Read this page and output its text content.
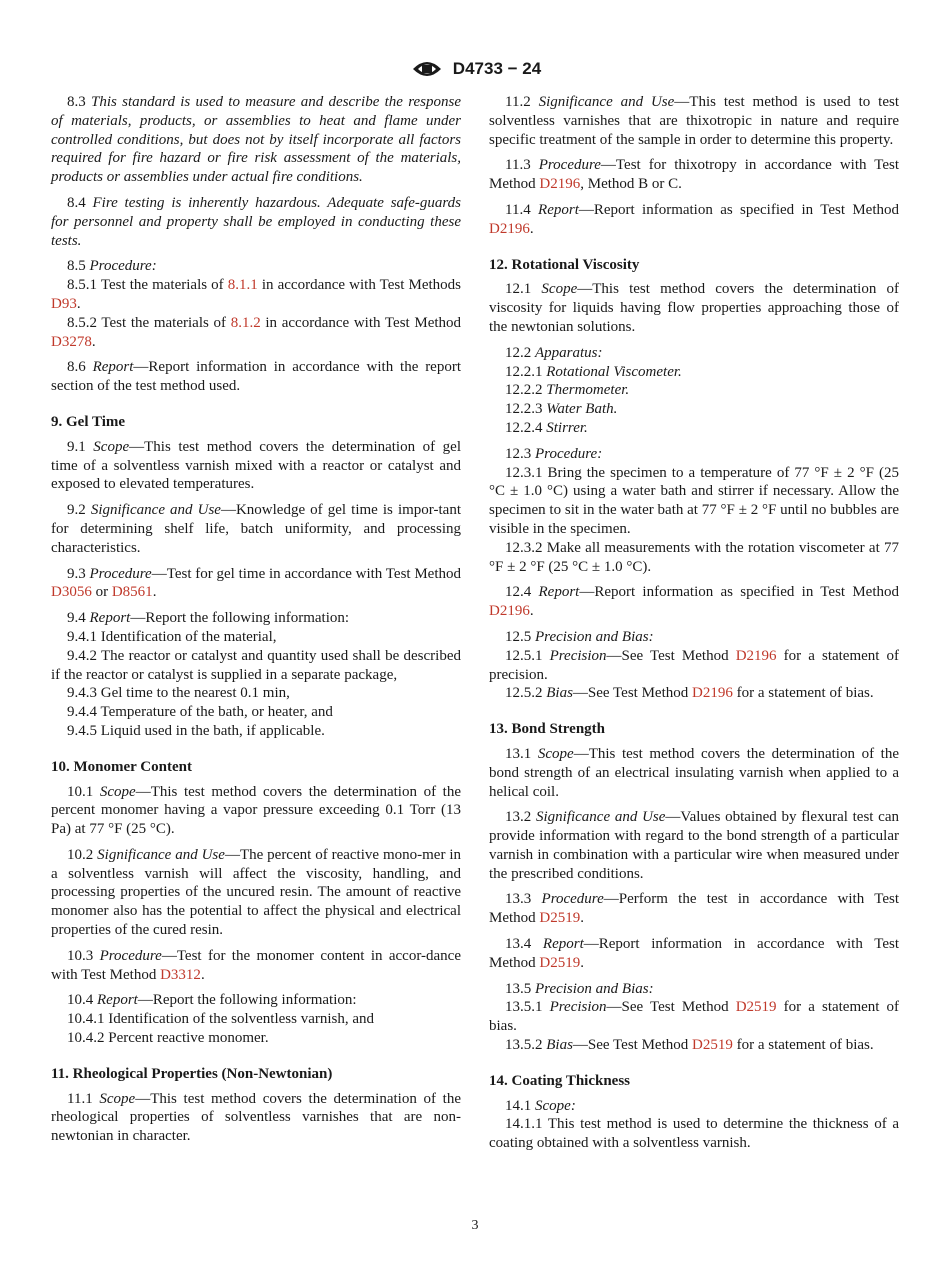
D4733 − 24

8.3 This standard is used to measure and describe the response of materials, products, or assemblies to heat and flame under controlled conditions, but does not by itself incorporate all factors required for fire hazard or fire risk assessment of the materials, products or assemblies under actual fire conditions.

8.4 Fire testing is inherently hazardous. Adequate safe-guards for personnel and property shall be employed in conducting these tests.

8.5 Procedure:

8.5.1 Test the materials of 8.1.1 in accordance with Test Methods D93.

8.5.2 Test the materials of 8.1.2 in accordance with Test Method D3278.

8.6 Report—Report information in accordance with the report section of the test method used.

9. Gel Time

9.1 Scope—This test method covers the determination of gel time of a solventless varnish mixed with a reactor or catalyst and exposed to elevated temperatures.

9.2 Significance and Use—Knowledge of gel time is impor-tant for determining shelf life, batch uniformity, and processing characteristics.

9.3 Procedure—Test for gel time in accordance with Test Method D3056 or D8561.

9.4 Report—Report the following information:

9.4.1 Identification of the material,

9.4.2 The reactor or catalyst and quantity used shall be described if the reactor or catalyst is supplied in a separate package,

9.4.3 Gel time to the nearest 0.1 min,

9.4.4 Temperature of the bath, or heater, and

9.4.5 Liquid used in the bath, if applicable.

10. Monomer Content

10.1 Scope—This test method covers the determination of the percent monomer having a vapor pressure exceeding 0.1 Torr (13 Pa) at 77 °F (25 °C).

10.2 Significance and Use—The percent of reactive mono-mer in a solventless varnish will affect the viscosity, handling, and processing properties of the uncured resin. The amount of reactive monomer also has the potential to affect the physical and electrical properties of the cured resin.

10.3 Procedure—Test for the monomer content in accor-dance with Test Method D3312.

10.4 Report—Report the following information:

10.4.1 Identification of the solventless varnish, and

10.4.2 Percent reactive monomer.

11. Rheological Properties (Non-Newtonian)

11.1 Scope—This test method covers the determination of the rheological properties of solventless varnishes that are non-newtonian in character.

11.2 Significance and Use—This test method is used to test solventless varnishes that are thixotropic in nature and require specific treatment of the sample in order to determine this property.

11.3 Procedure—Test for thixotropy in accordance with Test Method D2196, Method B or C.

11.4 Report—Report information as specified in Test Method D2196.

12. Rotational Viscosity

12.1 Scope—This test method covers the determination of viscosity for liquids having flow properties approaching those of the newtonian solutions.

12.2 Apparatus:

12.2.1 Rotational Viscometer.

12.2.2 Thermometer.

12.2.3 Water Bath.

12.2.4 Stirrer.

12.3 Procedure:

12.3.1 Bring the specimen to a temperature of 77 °F ± 2 °F (25 °C ± 1.0 °C) using a water bath and stirrer if necessary. Allow the specimen to sit in the water bath at 77 °F ± 2 °F until no bubbles are visible in the specimen.

12.3.2 Make all measurements with the rotation viscometer at 77 °F ± 2 °F (25 °C ± 1.0 °C).

12.4 Report—Report information as specified in Test Method D2196.

12.5 Precision and Bias:

12.5.1 Precision—See Test Method D2196 for a statement of precision.

12.5.2 Bias—See Test Method D2196 for a statement of bias.

13. Bond Strength

13.1 Scope—This test method covers the determination of the bond strength of an electrical insulating varnish when applied to a helical coil.

13.2 Significance and Use—Values obtained by flexural test can provide information with regard to the bond strength of a particular varnish in combination with a particular wire when measured under the prescribed conditions.

13.3 Procedure—Perform the test in accordance with Test Method D2519.

13.4 Report—Report information in accordance with Test Method D2519.

13.5 Precision and Bias:

13.5.1 Precision—See Test Method D2519 for a statement of bias.

13.5.2 Bias—See Test Method D2519 for a statement of bias.

14. Coating Thickness

14.1 Scope:

14.1.1 This test method is used to determine the thickness of a coating obtained with a solventless varnish.

3
